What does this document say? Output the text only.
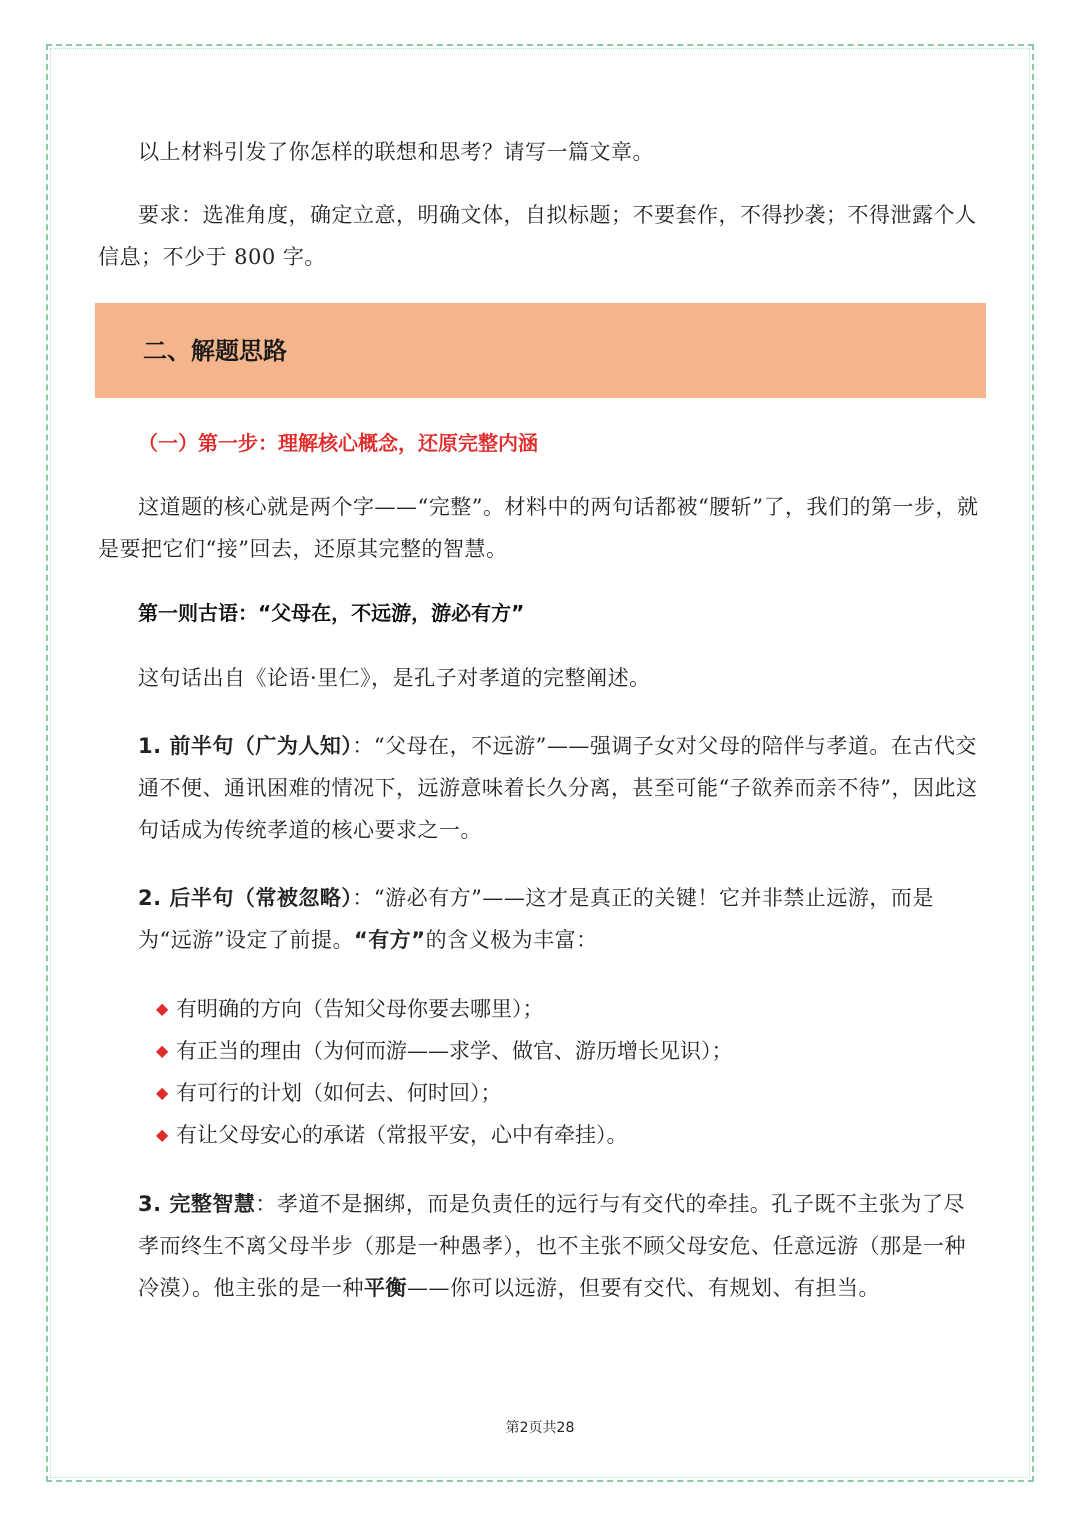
以上材料引发了你怎样的联想和思考？请写一篇文章。

要求：选准角度，确定立意，明确文体，自拟标题；不要套作，不得抄袭；不得泄露个人信息；不少于 800 字。

二、解题思路
（一）第一步：理解核心概念，还原完整内涵

这道题的核心就是两个字——“完整”。材料中的两句话都被“腰斩”了，我们的第一步，就是要把它们“接”回去，还原其完整的智慧。

第一则古语：“父母在，不远游，游必有方”

这句话出自《论语·里仁》，是孔子对孝道的完整阐述。

1. 前半句（广为人知）：“父母在，不远游”——强调子女对父母的陪伴与孝道。在古代交通不便、通讯困难的情况下，远游意味着长久分离，甚至可能“子欲养而亲不待”，因此这句话成为传统孝道的核心要求之一。

2. 后半句（常被忽略）：“游必有方”——这才是真正的关键！它并非禁止远游，而是为“远游”设定了前提。“有方”的含义极为丰富：

◆ 有明确的方向（告知父母你要去哪里）；
◆ 有正当的理由（为何而游——求学、做官、游历增长见识）；
◆ 有可行的计划（如何去、何时回）；
◆ 有让父母安心的承诺（常报平安，心中有牵挂）。

3. 完整智慧：孝道不是捆绑，而是负责任的远行与有交代的牵挂。孔子既不主张为了尽孝而终生不离父母半步（那是一种愚孝），也不主张不顾父母安危、任意远游（那是一种冷漠）。他主张的是一种平衡——你可以远游，但要有交代、有规划、有担当。

第2页共28
